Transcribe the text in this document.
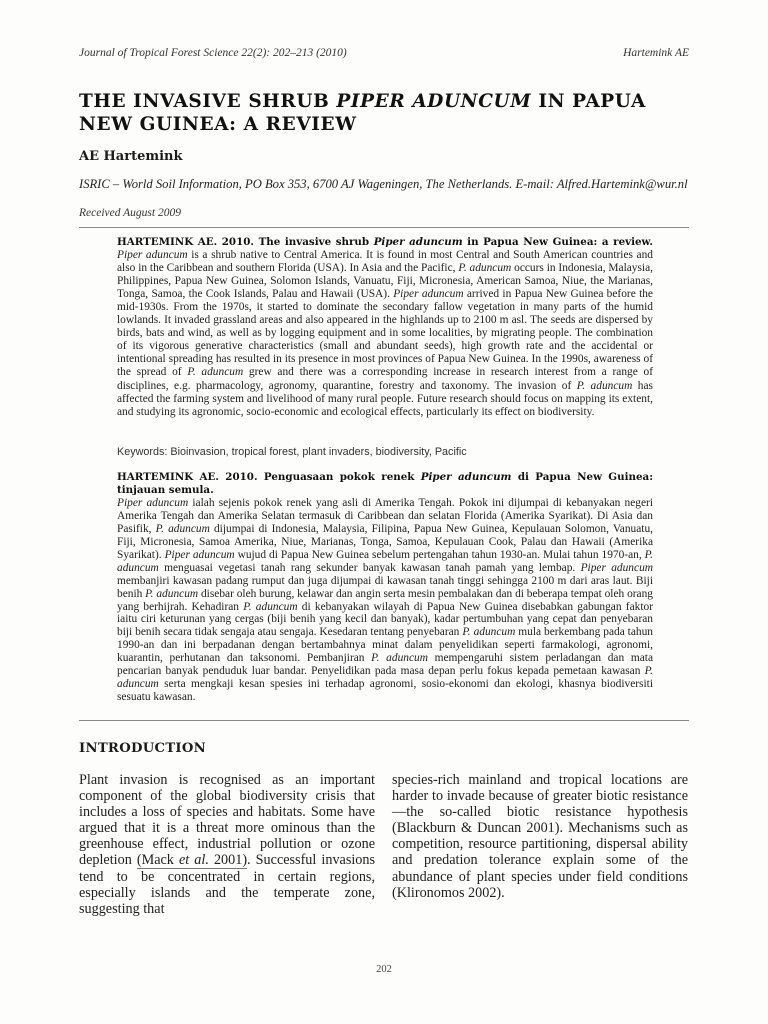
Journal of Tropical Forest Science 22(2): 202–213 (2010)	Hartemink AE
THE INVASIVE SHRUB PIPER ADUNCUM IN PAPUA NEW GUINEA: A REVIEW

AE Hartemink

ISRIC – World Soil Information, PO Box 353, 6700 AJ Wageningen, The Netherlands. E-mail: Alfred.Hartemink@wur.nl
Received August 2009

HARTEMINK AE. 2010. The invasive shrub Piper aduncum in Papua New Guinea: a review. Piper aduncum is a shrub native to Central America. It is found in most Central and South American countries and also in the Caribbean and southern Florida (USA). In Asia and the Pacific, P. aduncum occurs in Indonesia, Malaysia, Philippines, Papua New Guinea, Solomon Islands, Vanuatu, Fiji, Micronesia, American Samoa, Niue, the Marianas, Tonga, Samoa, the Cook Islands, Palau and Hawaii (USA). Piper aduncum arrived in Papua New Guinea before the mid-1930s. From the 1970s, it started to dominate the secondary fallow vegetation in many parts of the humid lowlands. It invaded grassland areas and also appeared in the highlands up to 2100 m asl. The seeds are dispersed by birds, bats and wind, as well as by logging equipment and in some localities, by migrating people. The combination of its vigorous generative characteristics (small and abundant seeds), high growth rate and the accidental or intentional spreading has resulted in its presence in most provinces of Papua New Guinea. In the 1990s, awareness of the spread of P. aduncum grew and there was a corresponding increase in research interest from a range of disciplines, e.g. pharmacology, agronomy, quarantine, forestry and taxonomy. The invasion of P. aduncum has affected the farming system and livelihood of many rural people. Future research should focus on mapping its extent, and studying its agronomic, socio-economic and ecological effects, particularly its effect on biodiversity.

Keywords: Bioinvasion, tropical forest, plant invaders, biodiversity, Pacific

HARTEMINK AE. 2010. Penguasaan pokok renek Piper aduncum di Papua New Guinea: tinjauan semula.
Piper aduncum ialah sejenis pokok renek yang asli di Amerika Tengah. Pokok ini dijumpai di kebanyakan negeri Amerika Tengah dan Amerika Selatan termasuk di Caribbean dan selatan Florida (Amerika Syarikat). Di Asia dan Pasifik, P. aduncum dijumpai di Indonesia, Malaysia, Filipina, Papua New Guinea, Kepulauan Solomon, Vanuatu, Fiji, Micronesia, Samoa Amerika, Niue, Marianas, Tonga, Samoa, Kepulauan Cook, Palau dan Hawaii (Amerika Syarikat). Piper aduncum wujud di Papua New Guinea sebelum pertengahan tahun 1930-an. Mulai tahun 1970-an, P. aduncum menguasai vegetasi tanah rang sekunder banyak kawasan tanah pamah yang lembap. Piper aduncum membanjiri kawasan padang rumput dan juga dijumpai di kawasan tanah tinggi sehingga 2100 m dari aras laut. Biji benih P. aduncum disebar oleh burung, kelawar dan angin serta mesin pembalakan dan di beberapa tempat oleh orang yang berhijrah. Kehadiran P. aduncum di kebanyakan wilayah di Papua New Guinea disebabkan gabungan faktor iaitu ciri keturunan yang cergas (biji benih yang kecil dan banyak), kadar pertumbuhan yang cepat dan penyebaran biji benih secara tidak sengaja atau sengaja. Kesedaran tentang penyebaran P. aduncum mula berkembang pada tahun 1990-an dan ini berpadanan dengan bertambahnya minat dalam penyelidikan seperti farmakologi, agronomi, kuarantin, perhutanan dan taksonomi. Pembanjiran P. aduncum mempengaruhi sistem perladangan dan mata pencarian banyak penduduk luar bandar. Penyelidikan pada masa depan perlu fokus kepada pemetaan kawasan P. aduncum serta mengkaji kesan spesies ini terhadap agronomi, sosio-ekonomi dan ekologi, khasnya biodiversiti sesuatu kawasan.

INTRODUCTION

Plant invasion is recognised as an important component of the global biodiversity crisis that includes a loss of species and habitats. Some have argued that it is a threat more ominous than the greenhouse effect, industrial pollution or ozone depletion (Mack et al. 2001). Successful invasions tend to be concentrated in certain regions, especially islands and the temperate zone, suggesting that

species-rich mainland and tropical locations are harder to invade because of greater biotic resistance—the so-called biotic resistance hypothesis (Blackburn & Duncan 2001). Mechanisms such as competition, resource partitioning, dispersal ability and predation tolerance explain some of the abundance of plant species under field conditions (Klironomos 2002).

202
